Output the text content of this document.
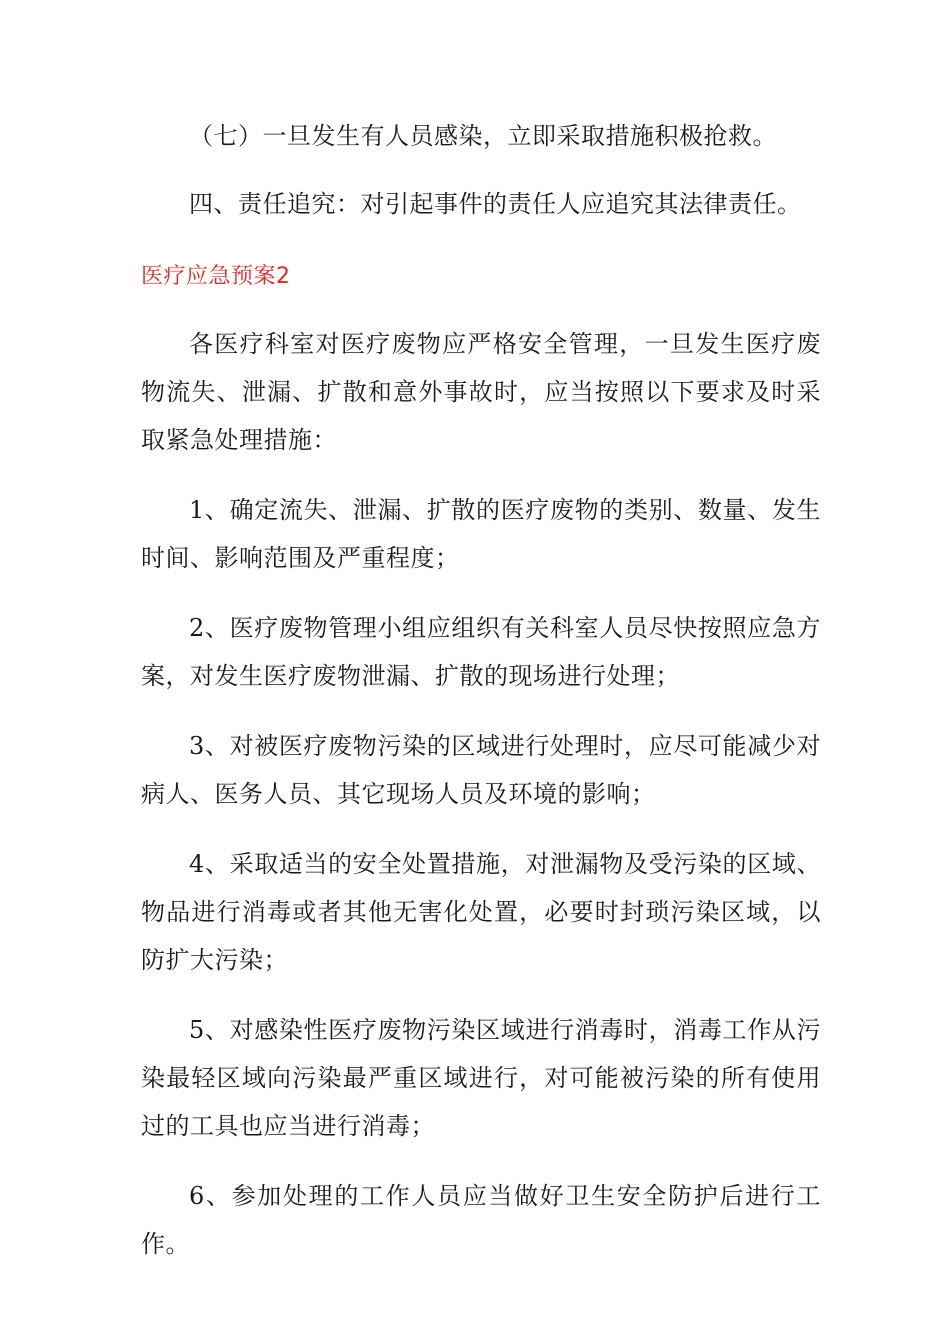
（七）一旦发生有人员感染，立即采取措施积极抢救。

四、责任追究：对引起事件的责任人应追究其法律责任。

医疗应急预案2

各医疗科室对医疗废物应严格安全管理，一旦发生医疗废物流失、泄漏、扩散和意外事故时，应当按照以下要求及时采取紧急处理措施：

1、确定流失、泄漏、扩散的医疗废物的类别、数量、发生时间、影响范围及严重程度；

2、医疗废物管理小组应组织有关科室人员尽快按照应急方案，对发生医疗废物泄漏、扩散的现场进行处理；

3、对被医疗废物污染的区域进行处理时，应尽可能减少对病人、医务人员、其它现场人员及环境的影响；

4、采取适当的安全处置措施，对泄漏物及受污染的区域、物品进行消毒或者其他无害化处置，必要时封琐污染区域，以防扩大污染；

5、对感染性医疗废物污染区域进行消毒时，消毒工作从污染最轻区域向污染最严重区域进行，对可能被污染的所有使用过的工具也应当进行消毒；

6、参加处理的工作人员应当做好卫生安全防护后进行工作。
